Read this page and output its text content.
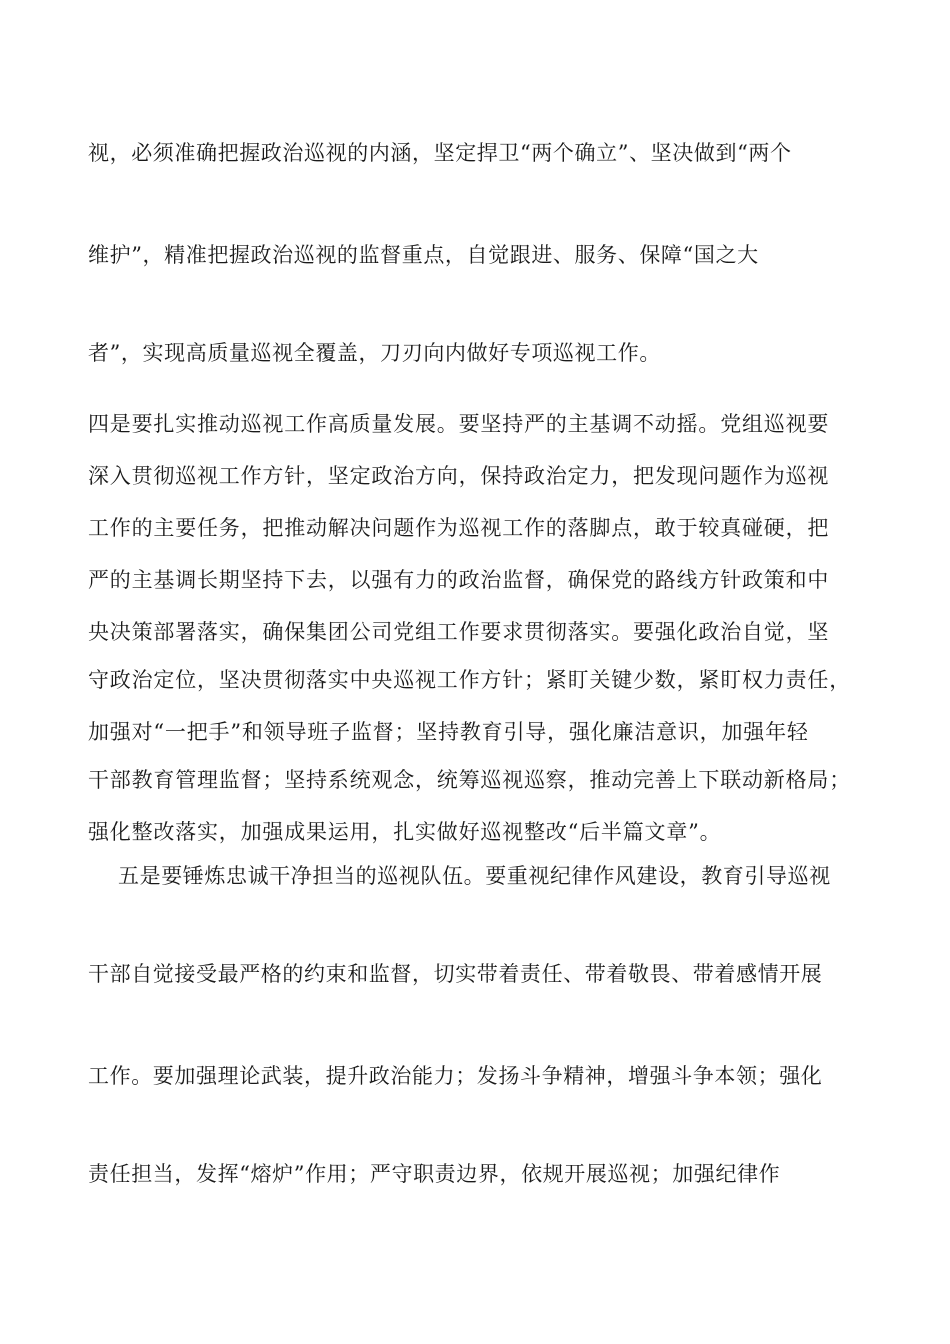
视，必须准确把握政治巡视的内涵，坚定捍卫“两个确立”、坚决做到“两个
维护”，精准把握政治巡视的监督重点，自觉跟进、服务、保障“国之大
者”，实现高质量巡视全覆盖，刀刃向内做好专项巡视工作。
四是要扎实推动巡视工作高质量发展。要坚持严的主基调不动摇。党组巡视要
深入贯彻巡视工作方针，坚定政治方向，保持政治定力，把发现问题作为巡视
工作的主要任务，把推动解决问题作为巡视工作的落脚点，敢于较真碰硬，把
严的主基调长期坚持下去，以强有力的政治监督，确保党的路线方针政策和中
央决策部署落实，确保集团公司党组工作要求贯彻落实。要强化政治自觉，坚
守政治定位，坚决贯彻落实中央巡视工作方针；紧盯关键少数，紧盯权力责任，
加强对“一把手”和领导班子监督；坚持教育引导，强化廉洁意识，加强年轻
干部教育管理监督；坚持系统观念，统筹巡视巡察，推动完善上下联动新格局；
强化整改落实，加强成果运用，扎实做好巡视整改“后半篇文章”。
五是要锤炼忠诚干净担当的巡视队伍。要重视纪律作风建设，教育引导巡视
干部自觉接受最严格的约束和监督，切实带着责任、带着敬畏、带着感情开展
工作。要加强理论武装，提升政治能力；发扬斗争精神，增强斗争本领；强化
责任担当，发挥“熔炉”作用；严守职责边界，依规开展巡视；加强纪律作
